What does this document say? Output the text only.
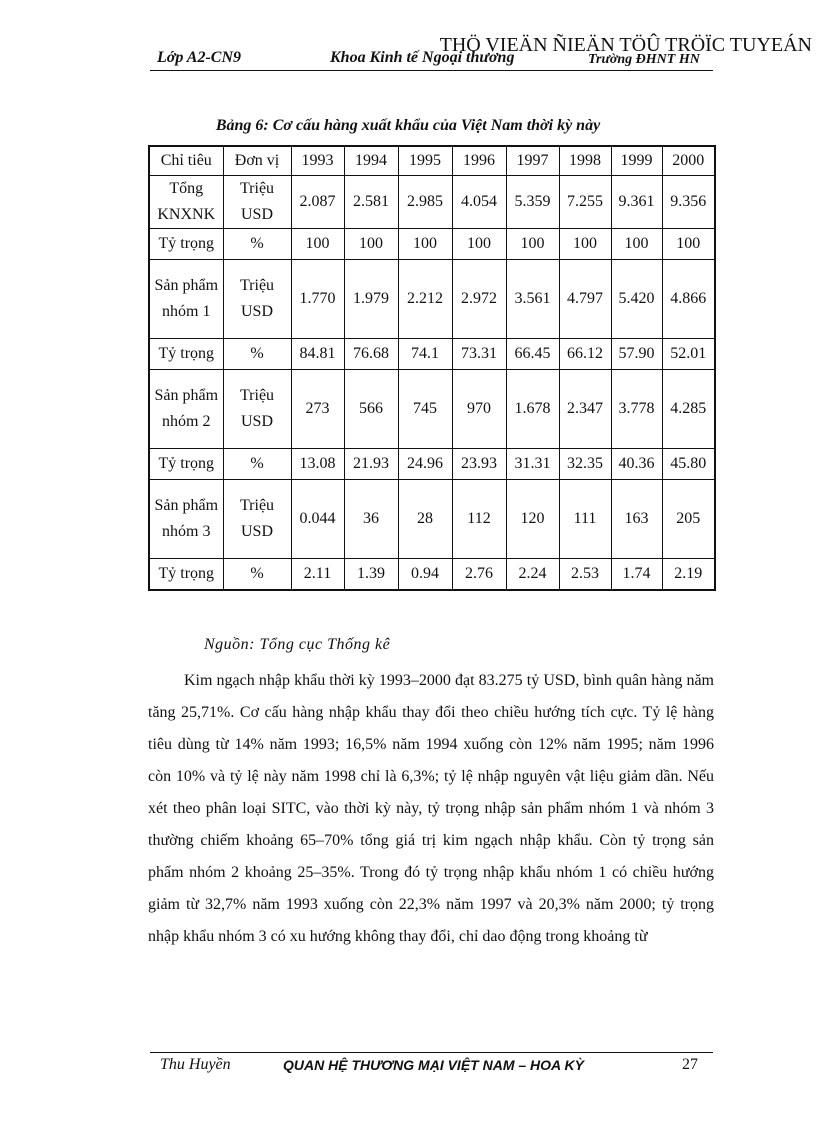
Lớp A2-CN9	Khoa Kinh tế Ngoại thương	Trường ĐHNT HN
THÖ VIEÄN ÑIEÄN TÖÛ TRÖÏC TUYEÁN
Bảng 6: Cơ cấu hàng xuất khẩu của Việt Nam thời kỳ này
Chỉ tiêu	Đơn vị	1993	1994	1995	1996	1997	1998	1999	2000
Tổng KNXNK	Triệu USD	2.087	2.581	2.985	4.054	5.359	7.255	9.361	9.356
Tỷ trọng	%	100	100	100	100	100	100	100	100
Sản phẩm nhóm 1	Triệu USD	1.770	1.979	2.212	2.972	3.561	4.797	5.420	4.866
Tỷ trọng	%	84.81	76.68	74.1	73.31	66.45	66.12	57.90	52.01
Sản phẩm nhóm 2	Triệu USD	273	566	745	970	1.678	2.347	3.778	4.285
Tỷ trọng	%	13.08	21.93	24.96	23.93	31.31	32.35	40.36	45.80
Sản phẩm nhóm 3	Triệu USD	0.044	36	28	112	120	111	163	205
Tỷ trọng	%	2.11	1.39	0.94	2.76	2.24	2.53	1.74	2.19
Nguồn: Tổng cục Thống kê
Kim ngạch nhập khẩu thời kỳ 1993–2000 đạt 83.275 tỷ USD, bình quân hàng năm tăng 25,71%. Cơ cấu hàng nhập khẩu thay đổi theo chiều hướng tích cực. Tỷ lệ hàng tiêu dùng từ 14% năm 1993; 16,5% năm 1994 xuống còn 12% năm 1995; năm 1996 còn 10% và tỷ lệ này năm 1998 chỉ là 6,3%; tỷ lệ nhập nguyên vật liệu giảm dần. Nếu xét theo phân loại SITC, vào thời kỳ này, tỷ trọng nhập sản phẩm nhóm 1 và nhóm 3 thường chiếm khoảng 65–70% tổng giá trị kim ngạch nhập khẩu. Còn tỷ trọng sản phẩm nhóm 2 khoảng 25–35%. Trong đó tỷ trọng nhập khẩu nhóm 1 có chiều hướng giảm từ 32,7% năm 1993 xuống còn 22,3% năm 1997 và 20,3% năm 2000; tỷ trọng nhập khẩu nhóm 3 có xu hướng không thay đổi, chỉ dao động trong khoảng từ
Thu Huyền	QUAN HỆ THƯƠNG MẠI VIỆT NAM – HOA KỲ	27
